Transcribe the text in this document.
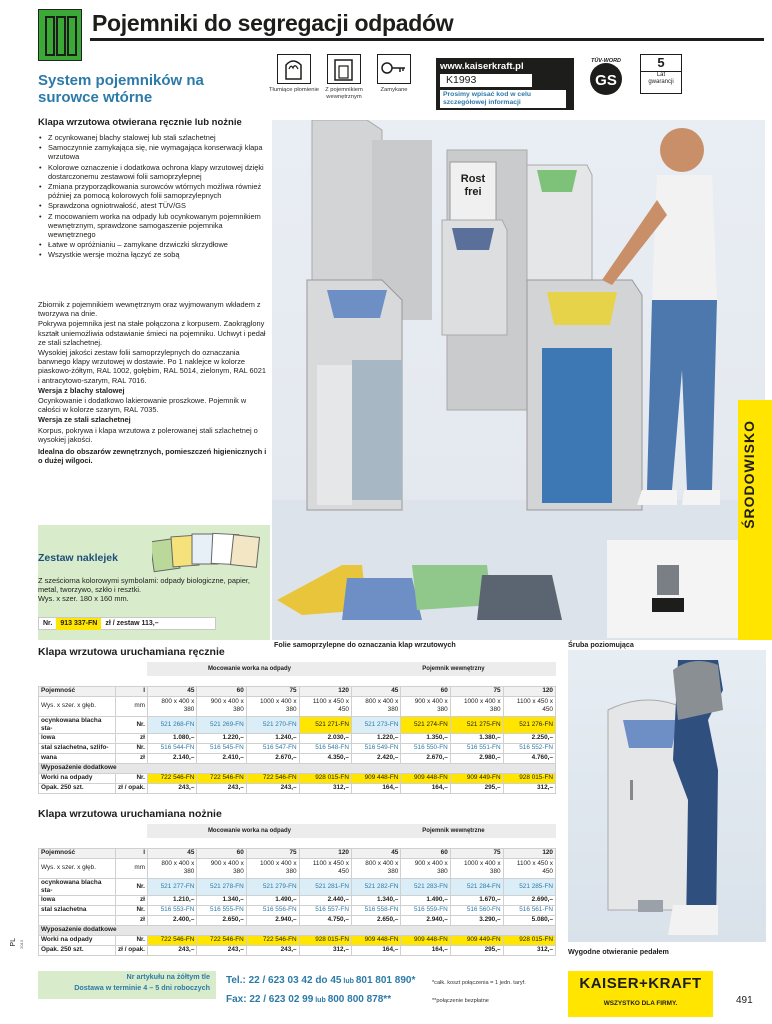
Pojemniki do segregacji odpadów
System pojemników na
surowce wtórne
Klapa wrzutowa otwierana ręcznie lub nożnie
• Z ocynkowanej blachy stalowej lub stali szlachetnej
• Samoczynnie zamykająca się, nie wymagająca konserwacji klapa wrzutowa
• Kolorowe oznaczenie i dodatkowa ochrona klapy wrzutowej dzięki dostarczonemu zestawowi folii samoprzylepnej
• Zmiana przyporządkowania surowców wtórnych możliwa również później za pomocą kolorowych folii samoprzylepnych
• Sprawdzona ogniotrwałość, atest TÜV/GS
• Z mocowaniem worka na odpady lub ocynkowanym pojemnikiem wewnętrznym, sprawdzone samogaszenie pojemnika wewnętrznego
• Łatwe w opróżnianiu – zamykane drzwiczki skrzydłowe
• Wszystkie wersje można łączyć ze sobą

Zbiornik z pojemnikiem wewnętrznym oraz wyjmowanym wkładem z tworzywa na dnie.

Pokrywa pojemnika jest na stałe połączona z korpusem. Zaokrąglony kształt uniemożliwia odstawianie śmieci na pojemniku. Uchwyt i pedał ze stali szlachetnej.

Wysokiej jakości zestaw folii samoprzylepnych do oznaczania barwnego klapy wrzutowej w dostawie. Po 1 naklejce w kolorze piaskowo-żółtym, RAL 1002, gołębim, RAL 5014, zielonym, RAL 6021 i antracytowo-szarym, RAL 7016.

Wersja z blachy stalowej

Ocynkowanie i dodatkowo lakierowanie proszkowe. Pojemnik w całości w kolorze szarym, RAL 7035.

Wersja ze stali szlachetnej

Korpus, pokrywa i klapa wrzutowa z polerowanej stali szlachetnej o wysokiej jakości.

Idealna do obszarów zewnętrznych, pomieszczeń higienicznych i o dużej wilgoci.

Tłumiące płomienie	Z pojemnikiem wewnętrznym
Zamykane
www.kaiserkraft.pl
K1993
Prosimy wpisać kod w celu szczegółowej informacji
GS
TÜV-WORD	5
Lat
gwarancji
Rost
frei
ŚRODOWISKO
Zestaw naklejek
Z sześciorna kolorowymi symbolami: odpady biologiczne, papier, metal, tworzywo, szkło i resztki.
Wys. x szer. 180 x 160 mm.
Nr. 913 337-FN zł / zestaw 113,–
Folie samoprzylepne do oznaczania klap wrzutowych	Śruba poziomująca
Klapa wrzutowa uruchamiana ręcznie
		Mocowanie worka na odpady				Pojemnik wewnętrzny			

Pojemność	l	45	60	75	120	45	60	75	120
Wys. x szer. x głęb.	mm	800 x 400 x 380	900 x 400 x 380	1000 x 400 x 380	1100 x 450 x 450	800 x 400 x 380	900 x 400 x 380	1000 x 400 x 380	1100 x 450 x 450
ocynkowana blacha sta-	Nr.	521 268-FN	521 269-FN	521 270-FN	521 271-FN	521 273-FN	521 274-FN	521 275-FN	521 276-FN
lowa	zł	1.080,–	1.220,–	1.240,–	2.030,–	1.220,–	1.350,–	1.380,–	2.250,–
stal szlachetna, szlifo-	Nr.	516 544-FN	516 545-FN	516 547-FN	516 548-FN	516 549-FN	516 550-FN	516 551-FN	516 552-FN
wana	zł	2.140,–	2.410,–	2.670,–	4.350,–	2.420,–	2.670,–	2.980,–	4.760,–
Wyposażenie dodatkowe									
Worki na odpady	Nr.	722 546-FN	722 546-FN	722 546-FN	928 015-FN	909 448-FN	909 448-FN	909 449-FN	928 015-FN
Opak. 250 szt.	zł / opak.	243,–	243,–	243,–	312,–	164,–	164,–	295,–	312,–
Klapa wrzutowa uruchamiana nożnie
		Mocowanie worka na odpady				Pojemnik wewnętrzne			

Pojemność	l	45	60	75	120	45	60	75	120
Wys. x szer. x głęb.	mm	800 x 400 x 380	900 x 400 x 380	1000 x 400 x 380	1100 x 450 x 450	800 x 400 x 380	900 x 400 x 380	1000 x 400 x 380	1100 x 450 x 450
ocynkowana blacha sta-	Nr.	521 277-FN	521 278-FN	521 279-FN	521 281-FN	521 282-FN	521 283-FN	521 284-FN	521 285-FN
lowa	zł	1.210,–	1.340,–	1.490,–	2.440,–	1.340,–	1.490,–	1.670,–	2.690,–
stal szlachetna	Nr.	516 553-FN	516 555-FN	516 556-FN	516 557-FN	516 558-FN	516 559-FN	516 560-FN	516 561-FN
	zł	2.400,–	2.650,–	2.940,–	4.750,–	2.650,–	2.940,–	3.290,–	5.080,–
Wyposażenie dodatkowe									
Worki na odpady	Nr.	722 546-FN	722 546-FN	722 546-FN	928 015-FN	909 448-FN	909 448-FN	909 449-FN	928 015-FN
Opak. 250 szt.	zł / opak.	243,–	243,–	243,–	312,–	164,–	164,–	295,–	312,– Wygodne otwieranie pedałem
PL 2013
Nr artykułu na żółtym tle
Dostawa w terminie 4 – 5 dni roboczych
Tel.: 22 / 623 03 42 do 45 lub 801 801 890*
Fax: 22 / 623 02 99 lub 800 800 878**
*całk. koszt połączenia = 1 jedn. taryf.
**połączenie bezpłatne
KAISER+KRAFT
WSZYSTKO DLA FIRMY.	491
